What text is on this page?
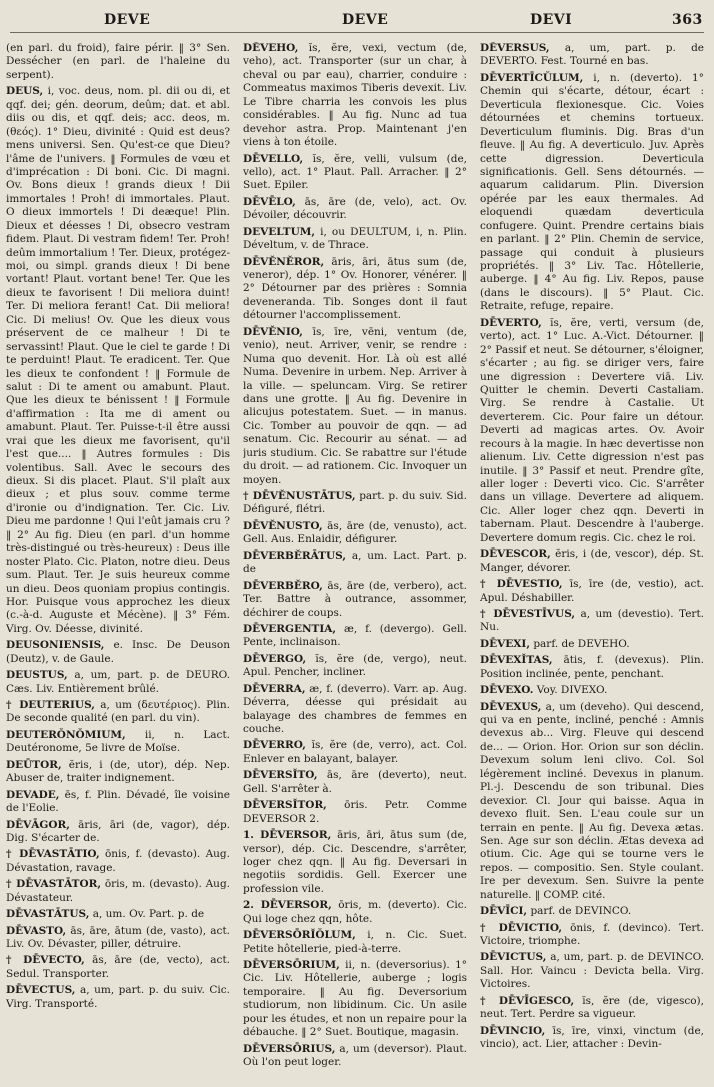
DEVE	DEVE	DEVI	363

(en parl. du froid), faire périr. ‖ 3° Sen. Dessécher (en parl. de l'haleine du serpent).

DEUS, i, voc. deus, nom. pl. dii ou di, et qqf. dei; gén. deorum, deûm; dat. et abl. diis ou dis, et qqf. deis; acc. deos, m. (θεός). 1° Dieu, divinité : Quid est deus? mens universi. Sen. Qu'est-ce que Dieu? l'âme de l'univers. ‖ Formules de vœu et d'imprécation : Di boni. Cic. Di magni. Ov. Bons dieux ! grands dieux ! Dii immortales ! Proh! di immortales. Plaut. O dieux immortels ! Di deæque! Plin. Dieux et déesses ! Di, obsecro vestram fidem. Plaut. Di vestram fidem! Ter. Proh! deûm immortalium ! Ter. Dieux, protégez-moi, ou simpl. grands dieux ! Di bene vortant! Plaut. vortant bene! Ter. Que les dieux te favorisent ! Dii meliora duint! Ter. Di meliora ferant! Cat. Dii meliora! Cic. Di melius! Ov. Que les dieux vous préservent de ce malheur ! Di te servassint! Plaut. Que le ciel te garde ! Di te perduint! Plaut. Te eradicent. Ter. Que les dieux te confondent ! ‖ Formule de salut : Di te ament ou amabunt. Plaut. Que les dieux te bénissent ! ‖ Formule d'affirmation : Ita me di ament ou amabunt. Plaut. Ter. Puisse-t-il être aussi vrai que les dieux me favorisent, qu'il l'est que.... ‖ Autres formules : Dis volentibus. Sall. Avec le secours des dieux. Si dis placet. Plaut. S'il plaît aux dieux ; et plus souv. comme terme d'ironie ou d'indignation. Ter. Cic. Liv. Dieu me pardonne ! Qui l'eût jamais cru ? ‖ 2° Au fig. Dieu (en parl. d'un homme très-distingué ou très-heureux) : Deus ille noster Plato. Cic. Platon, notre dieu. Deus sum. Plaut. Ter. Je suis heureux comme un dieu. Deos quoniam propius contingis. Hor. Puisque vous approchez les dieux (c.-à-d. Auguste et Mécène). ‖ 3° Fém. Virg. Ov. Déesse, divinité.

DEUSONIENSIS, e. Insc. De Deuson (Deutz), v. de Gaule.

DEUSTUS, a, um, part. p. de DEURO. Cæs. Liv. Entièrement brûlé.

† DEUTERIUS, a, um (δευτέριος). Plin. De seconde qualité (en parl. du vin).

DEUTERŎNŎMIUM, ii, n. Lact. Deutéronome, 5e livre de Moïse.

DEŪTOR, ĕris, i (de, utor), dép. Nep. Abuser de, traiter indignement.

DEVADE, ēs, f. Plin. Dévadé, île voisine de l'Eolie.

DĒVĀGOR, āris, āri (de, vagor), dép. Dig. S'écarter de.

† DĒVASTĀTIO, ōnis, f. (devasto). Aug. Dévastation, ravage.

† DĒVASTĀTOR, ōris, m. (devasto). Aug. Dévastateur.

DĒVASTĀTUS, a, um. Ov. Part. p. de

DĒVASTO, ās, āre, ātum (de, vasto), act. Liv. Ov. Dévaster, piller, détruire.

† DĒVECTO, ās, āre (de, vecto), act. Sedul. Transporter.

DĒVECTUS, a, um, part. p. du suiv. Cic. Virg. Transporté.

DĒVEHO, ĭs, ĕre, vexi, vectum (de, veho), act. Transporter (sur un char, à cheval ou par eau), charrier, conduire : Commeatus maximos Tiberis devexit. Liv. Le Tibre charria les convois les plus considérables. ‖ Au fig. Nunc ad tua devehor astra. Prop. Maintenant j'en viens à ton étoile.

DĒVELLO, ĭs, ĕre, velli, vulsum (de, vello), act. 1° Plaut. Pall. Arracher. ‖ 2° Suet. Epiler.

DĒVĒLO, ās, āre (de, velo), act. Ov. Dévoiler, découvrir.

DEVELTUM, i, ou DEULTUM, i, n. Plin. Déveltum, v. de Thrace.

DĒVĔNĔROR, āris, āri, ātus sum (de, veneror), dép. 1° Ov. Honorer, vénérer. ‖ 2° Détourner par des prières : Somnia deveneranda. Tib. Songes dont il faut détourner l'accomplissement.

DĒVĔNIO, īs, īre, vēni, ventum (de, venio), neut. Arriver, venir, se rendre : Numa quo devenit. Hor. Là où est allé Numa. Devenire in urbem. Nep. Arriver à la ville. — speluncam. Virg. Se retirer dans une grotte. ‖ Au fig. Devenire in alicujus potestatem. Suet. — in manus. Cic. Tomber au pouvoir de qqn. — ad senatum. Cic. Recourir au sénat. — ad juris studium. Cic. Se rabattre sur l'étude du droit. — ad rationem. Cic. Invoquer un moyen.

† DĒVĔNUSTĀTUS, part. p. du suiv. Sid. Défiguré, flétri.

DĒVĔNUSTO, ās, āre (de, venusto), act. Gell. Aus. Enlaidir, défigurer.

DĒVERBĔRĀTUS, a, um. Lact. Part. p. de

DĒVERBĔRO, ās, āre (de, verbero), act. Ter. Battre à outrance, assommer, déchirer de coups.

DĒVERGENTIA, æ, f. (devergo). Gell. Pente, inclinaison.

DĒVERGO, ĭs, ĕre (de, vergo), neut. Apul. Pencher, incliner.

DĒVERRA, æ, f. (deverro). Varr. ap. Aug. Déverra, déesse qui présidait au balayage des chambres de femmes en couche.

DĒVERRO, ĭs, ĕre (de, verro), act. Col. Enlever en balayant, balayer.

DĒVERSĬTO, ās, āre (deverto), neut. Gell. S'arrêter à.

DĒVERSĬTOR, ōris. Petr. Comme DEVERSOR 2.

1. DĒVERSOR, āris, āri, ātus sum (de, versor), dép. Cic. Descendre, s'arrêter, loger chez qqn. ‖ Au fig. Deversari in negotiis sordidis. Gell. Exercer une profession vile.

2. DĒVERSOR, ōris, m. (deverto). Cic. Qui loge chez qqn, hôte.

DĒVERSŌRĬŎLUM, i, n. Cic. Suet. Petite hôtellerie, pied-à-terre.

DĒVERSŌRIUM, ii, n. (deversorius). 1° Cic. Liv. Hôtellerie, auberge ; logis temporaire. ‖ Au fig. Deversorium studiorum, non libidinum. Cic. Un asile pour les études, et non un repaire pour la débauche. ‖ 2° Suet. Boutique, magasin.

DĒVERSŌRIUS, a, um (deversor). Plaut. Où l'on peut loger.

DĒVERSUS, a, um, part. p. de DEVERTO. Fest. Tourné en bas.

DĒVERTĪCŬLUM, i, n. (deverto). 1° Chemin qui s'écarte, détour, écart : Deverticula flexionesque. Cic. Voies détournées et chemins tortueux. Deverticulum fluminis. Dig. Bras d'un fleuve. ‖ Au fig. A deverticulo. Juv. Après cette digression. Deverticula significationis. Gell. Sens détournés. — aquarum calidarum. Plin. Diversion opérée par les eaux thermales. Ad eloquendi quædam deverticula confugere. Quint. Prendre certains biais en parlant. ‖ 2° Plin. Chemin de service, passage qui conduit à plusieurs propriétés. ‖ 3° Liv. Tac. Hôtellerie, auberge. ‖ 4° Au fig. Liv. Repos, pause (dans le discours). ‖ 5° Plaut. Cic. Retraite, refuge, repaire.

DĒVERTO, ĭs, ĕre, verti, versum (de, verto), act. 1° Luc. A.-Vict. Détourner. ‖ 2° Passif et neut. Se détourner, s'éloigner, s'écarter ; au fig. se diriger vers, faire une digression : Devertere viā. Liv. Quitter le chemin. Deverti Castaliam. Virg. Se rendre à Castalie. Ut deverterem. Cic. Pour faire un détour. Deverti ad magicas artes. Ov. Avoir recours à la magie. In hæc devertisse non alienum. Liv. Cette digression n'est pas inutile. ‖ 3° Passif et neut. Prendre gîte, aller loger : Deverti vico. Cic. S'arrêter dans un village. Devertere ad aliquem. Cic. Aller loger chez qqn. Deverti in tabernam. Plaut. Descendre à l'auberge. Devertere domum regis. Cic. chez le roi.

DĒVESCOR, ĕris, i (de, vescor), dép. St. Manger, dévorer.

† DĒVESTIO, īs, īre (de, vestio), act. Apul. Déshabiller.

† DĒVESTĪVUS, a, um (devestio). Tert. Nu.

DĒVEXI, parf. de DEVEHO.

DĒVEXĬTAS, ātis, f. (devexus). Plin. Position inclinée, pente, penchant.

DĒVEXO. Voy. DIVEXO.

DĒVEXUS, a, um (deveho). Qui descend, qui va en pente, incliné, penché : Amnis devexus ab... Virg. Fleuve qui descend de... — Orion. Hor. Orion sur son déclin. Devexum solum leni clivo. Col. Sol légèrement incliné. Devexus in planum. Pl.-j. Descendu de son tribunal. Dies devexior. Cl. Jour qui baisse. Aqua in devexo fluit. Sen. L'eau coule sur un terrain en pente. ‖ Au fig. Devexa ætas. Sen. Age sur son déclin. Ætas devexa ad otium. Cic. Age qui se tourne vers le repos. — compositio. Sen. Style coulant. Ire per devexum. Sen. Suivre la pente naturelle. ‖ COMP. cité.

DĒVĪCI, parf. de DEVINCO.

† DĒVICTIO, ōnis, f. (devinco). Tert. Victoire, triomphe.

DĒVICTUS, a, um, part. p. de DEVINCO. Sall. Hor. Vaincu : Devicta bella. Virg. Victoires.

† DĒVĪGESCO, ĭs, ĕre (de, vigesco), neut. Tert. Perdre sa vigueur.

DĒVINCIO, īs, īre, vinxi, vinctum (de, vincio), act. Lier, attacher : Devin-
